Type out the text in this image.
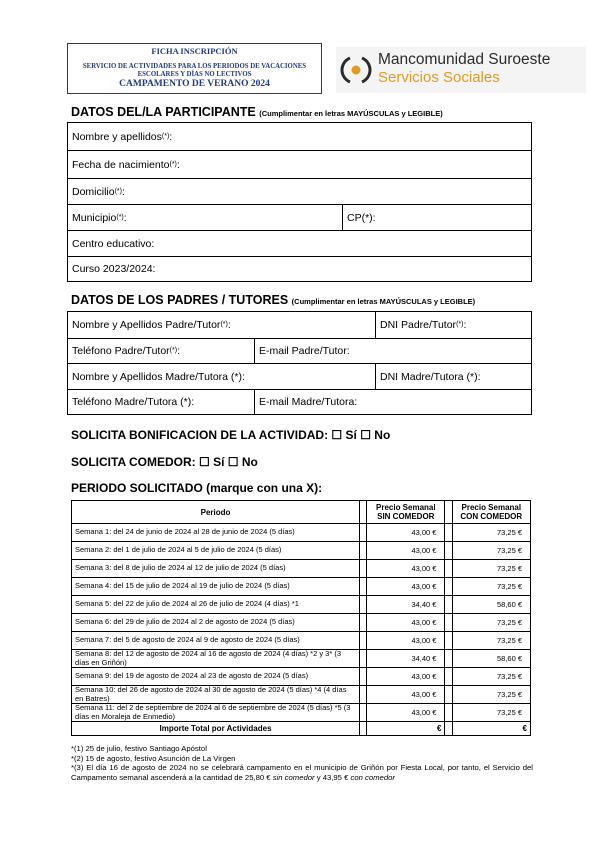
FICHA INSCRIPCIÓN
SERVICIO DE ACTIVIDADES PARA LOS PERIODOS DE VACACIONES ESCOLARES Y DÍAS NO LECTIVOS
CAMPAMENTO DE VERANO 2024
Mancomunidad Suroeste
Servicios Sociales
DATOS DEL/LA PARTICIPANTE (Cumplimentar en letras MAYÚSCULAS y LEGIBLE)
Nombre y apellidos (*) :
Fecha de nacimiento (*) :
Domicilio (*) :
Municipio (*) :	CP(*):
Centro educativo:
Curso 2023/2024:
DATOS DE LOS PADRES / TUTORES (Cumplimentar en letras MAYÚSCULAS y LEGIBLE)
Nombre y Apellidos Padre/Tutor (*) :	DNI Padre/Tutor (*) :
Teléfono Padre/Tutor (*) :	E-mail Padre/Tutor:
Nombre y Apellidos Madre/Tutora (*):	DNI Madre/Tutora (*):
Teléfono Madre/Tutora (*):	E-mail Madre/Tutora:
SOLICITA BONIFICACION DE LA ACTIVIDAD: ☐ Sí ☐ No
SOLICITA COMEDOR: ☐ Sí ☐ No
PERIODO SOLICITADO (marque con una X):
Periodo		Precio Semanal SIN COMEDOR		Precio Semanal CON COMEDOR
Semana 1: del 24 de junio de 2024 al 28 de junio de 2024 (5 días)		43,00 €		73,25 €
Semana 2: del 1 de julio de 2024 al 5 de julio de 2024 (5 días)		43,00 €		73,25 €
Semana 3: del 8 de julio de 2024 al 12 de julio de 2024 (5 días)		43,00 €		73,25 €
Semana 4: del 15 de julio de 2024 al 19 de julio de 2024 (5 días)		43,00 €		73,25 €
Semana 5: del 22 de julio de 2024 al 26 de julio de 2024 (4 días) *1		34,40 €		58,60 €
Semana 6: del 29 de julio de 2024 al 2 de agosto de 2024 (5 días)		43,00 €		73,25 €
Semana 7: del 5 de agosto de 2024 al 9 de agosto de 2024 (5 días)		43,00 €		73,25 €
Semana 8: del 12 de agosto de 2024 al 16 de agosto de 2024 (4 días) *2 y 3* (3 días en Griñón)		34,40 €		58,60 €
Semana 9: del 19 de agosto de 2024 al 23 de agosto de 2024 (5 días)		43,00 €		73,25 €
Semana 10: del 26 de agosto de 2024 al 30 de agosto de 2024 (5 días) *4 (4 días en Batres)		43,00 €		73,25 €
Semana 11: del 2 de septiembre de 2024 al 6 de septiembre de 2024 (5 días) *5 (3 días en Moraleja de Enmedio)		43,00 €		73,25 €
Importe Total por Actividades		€		€
*(1) 25 de julio, festivo Santiago Apóstol
*(2) 15 de agosto, festivo Asunción de La Virgen
*(3) El día 16 de agosto de 2024 no se celebrará campamento en el municipio de Griñón por Fiesta Local, por tanto, el Servicio del Campamento semanal ascenderá a la cantidad de 25,80 € sin comedor y 43,95 € con comedor
